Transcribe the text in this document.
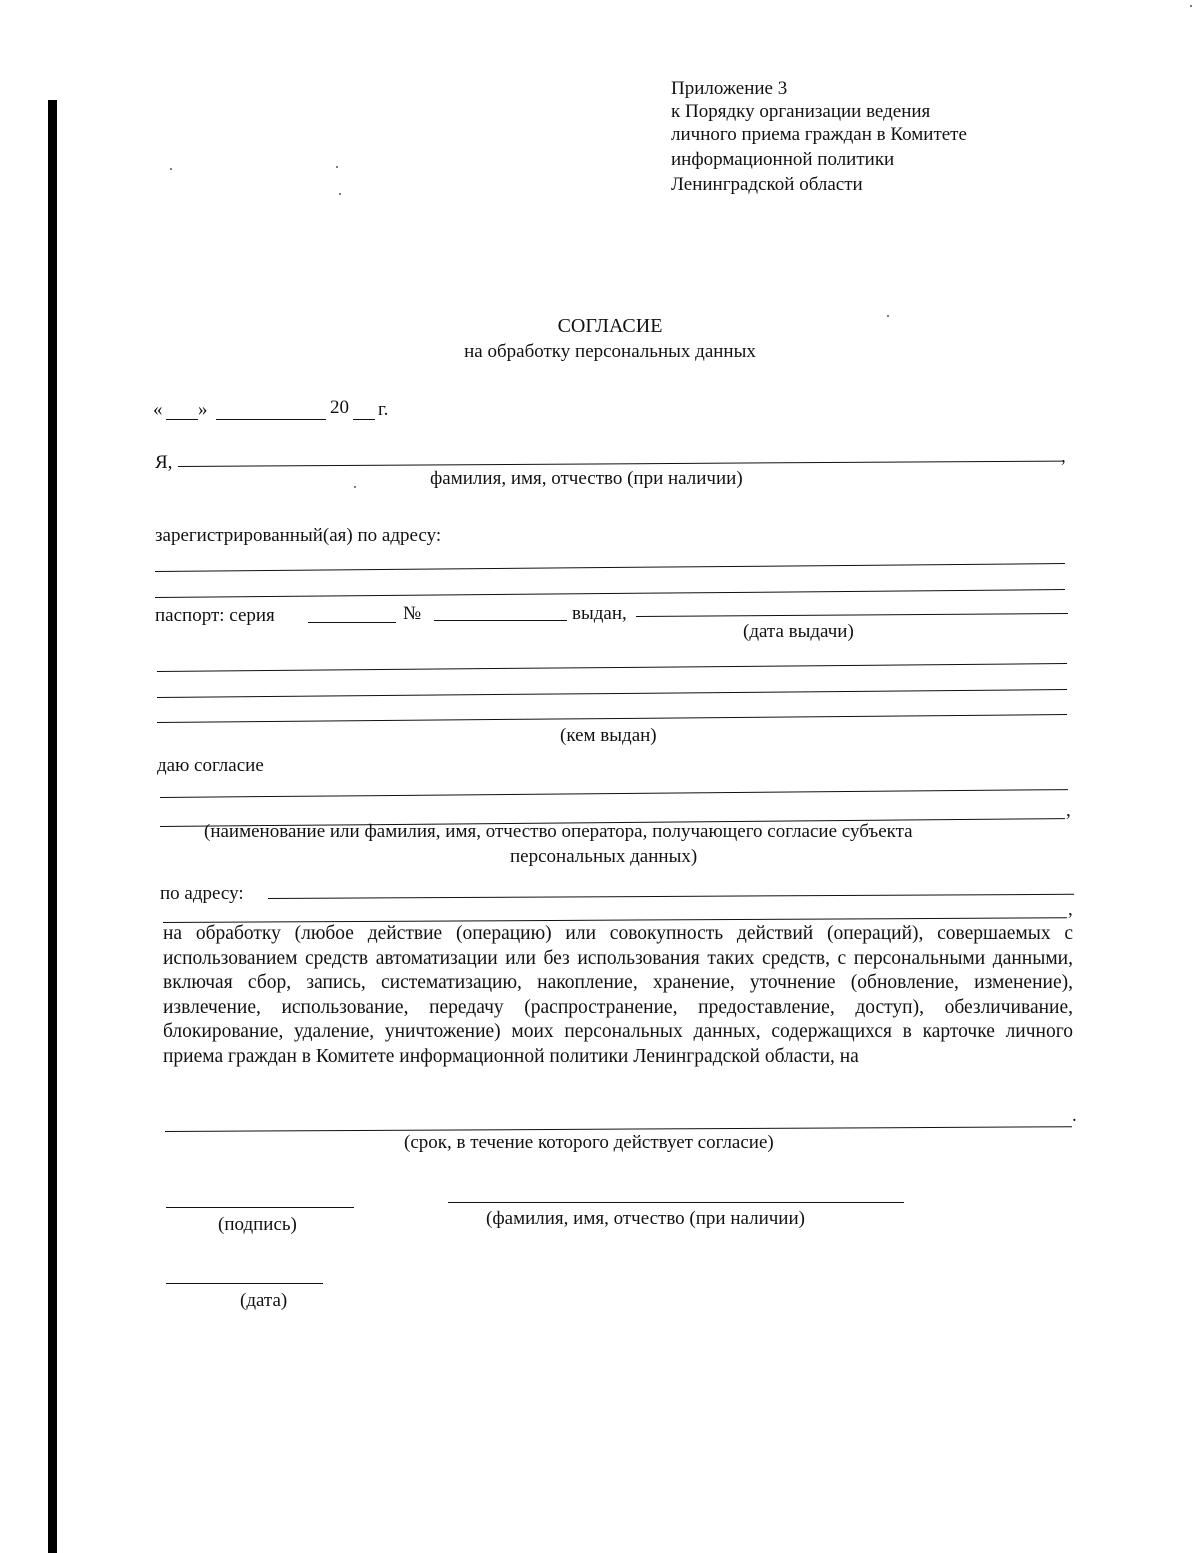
Приложение 3
к Порядку организации ведения
личного приема граждан в Комитете
информационной политики
Ленинградской области
СОГЛАСИЕ
на обработку персональных данных
« »	20 г.
Я,	,
фамилия, имя, отчество (при наличии)
зарегистрированный(ая) по адресу:
паспорт: серия	№	выдан,
(дата выдачи)
(кем выдан)
даю согласие
,
(наименование или фамилия, имя, отчество оператора, получающего согласие субъекта
персональных данных)
по адресу:
,
на обработку (любое действие (операцию) или совокупность действий (операций), совершаемых с использованием средств автоматизации или без использования таких средств, с персональными данными, включая сбор, запись, систематизацию, накопление, хранение, уточнение (обновление, изменение), извлечение, использование, передачу (распространение, предоставление, доступ), обезличивание, блокирование, удаление, уничтожение) моих персональных данных, содержащихся в карточке личного приема граждан в Комитете информационной политики Ленинградской области, на
.
(срок, в течение которого действует согласие)
(подпись)	(фамилия, имя, отчество (при наличии)
(дата)
